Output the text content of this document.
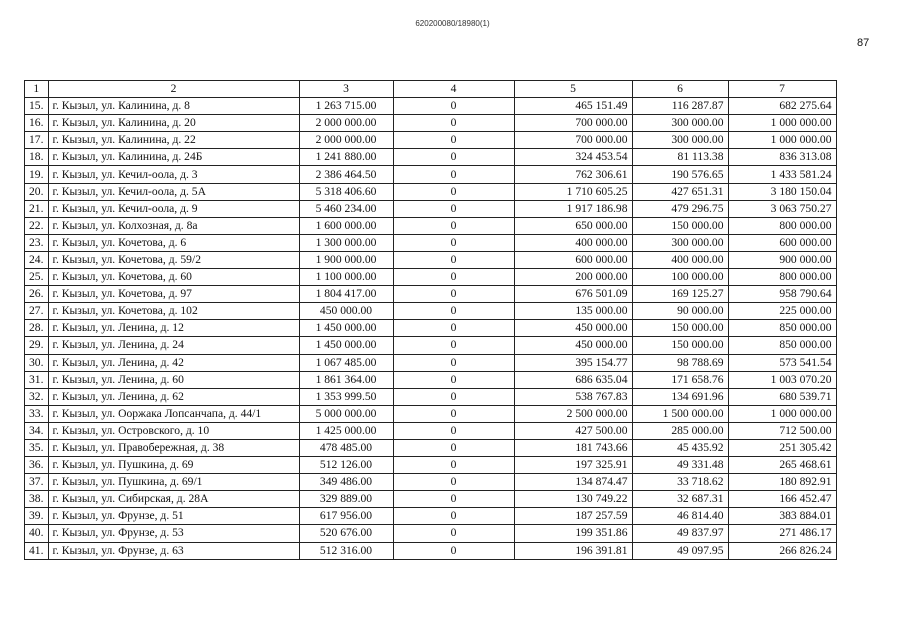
620200080/18980(1)
87
1	2	3	4	5	6	7
15.	г. Кызыл, ул. Калинина, д. 8	1 263 715.00	0	465 151.49	116 287.87	682 275.64
16.	г. Кызыл, ул. Калинина, д. 20	2 000 000.00	0	700 000.00	300 000.00	1 000 000.00
17.	г. Кызыл, ул. Калинина, д. 22	2 000 000.00	0	700 000.00	300 000.00	1 000 000.00
18.	г. Кызыл, ул. Калинина, д. 24Б	1 241 880.00	0	324 453.54	81 113.38	836 313.08
19.	г. Кызыл, ул. Кечил-оола, д. 3	2 386 464.50	0	762 306.61	190 576.65	1 433 581.24
20.	г. Кызыл, ул. Кечил-оола, д. 5А	5 318 406.60	0	1 710 605.25	427 651.31	3 180 150.04
21.	г. Кызыл, ул. Кечил-оола, д. 9	5 460 234.00	0	1 917 186.98	479 296.75	3 063 750.27
22.	г. Кызыл, ул. Колхозная, д. 8а	1 600 000.00	0	650 000.00	150 000.00	800 000.00
23.	г. Кызыл, ул. Кочетова, д. 6	1 300 000.00	0	400 000.00	300 000.00	600 000.00
24.	г. Кызыл, ул. Кочетова, д. 59/2	1 900 000.00	0	600 000.00	400 000.00	900 000.00
25.	г. Кызыл, ул. Кочетова, д. 60	1 100 000.00	0	200 000.00	100 000.00	800 000.00
26.	г. Кызыл, ул. Кочетова, д. 97	1 804 417.00	0	676 501.09	169 125.27	958 790.64
27.	г. Кызыл, ул. Кочетова, д. 102	450 000.00	0	135 000.00	90 000.00	225 000.00
28.	г. Кызыл, ул. Ленина, д. 12	1 450 000.00	0	450 000.00	150 000.00	850 000.00
29.	г. Кызыл, ул. Ленина, д. 24	1 450 000.00	0	450 000.00	150 000.00	850 000.00
30.	г. Кызыл, ул. Ленина, д. 42	1 067 485.00	0	395 154.77	98 788.69	573 541.54
31.	г. Кызыл, ул. Ленина, д. 60	1 861 364.00	0	686 635.04	171 658.76	1 003 070.20
32.	г. Кызыл, ул. Ленина, д. 62	1 353 999.50	0	538 767.83	134 691.96	680 539.71
33.	г. Кызыл, ул. Ооржака Лопсанчапа, д. 44/1	5 000 000.00	0	2 500 000.00	1 500 000.00	1 000 000.00
34.	г. Кызыл, ул. Островского, д. 10	1 425 000.00	0	427 500.00	285 000.00	712 500.00
35.	г. Кызыл, ул. Правобережная, д. 38	478 485.00	0	181 743.66	45 435.92	251 305.42
36.	г. Кызыл, ул. Пушкина, д. 69	512 126.00	0	197 325.91	49 331.48	265 468.61
37.	г. Кызыл, ул. Пушкина, д. 69/1	349 486.00	0	134 874.47	33 718.62	180 892.91
38.	г. Кызыл, ул. Сибирская, д. 28А	329 889.00	0	130 749.22	32 687.31	166 452.47
39.	г. Кызыл, ул. Фрунзе, д. 51	617 956.00	0	187 257.59	46 814.40	383 884.01
40.	г. Кызыл, ул. Фрунзе, д. 53	520 676.00	0	199 351.86	49 837.97	271 486.17
41.	г. Кызыл, ул. Фрунзе, д. 63	512 316.00	0	196 391.81	49 097.95	266 826.24
